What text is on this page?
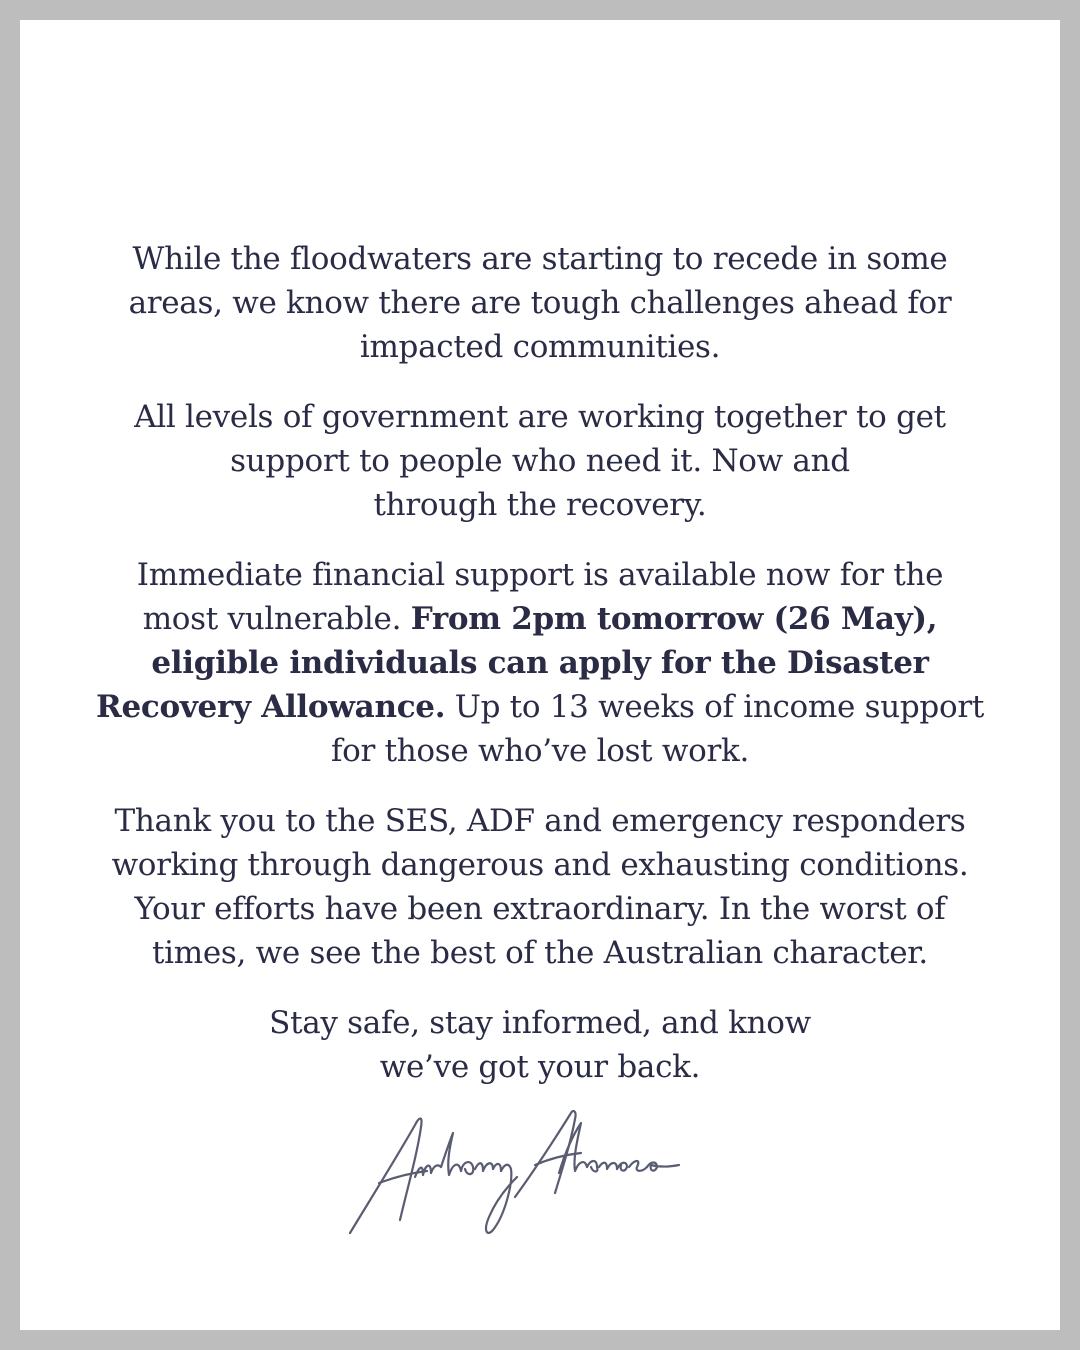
While the floodwaters are starting to recede in some
areas, we know there are tough challenges ahead for
impacted communities.

All levels of government are working together to get
support to people who need it. Now and
through the recovery.

Immediate financial support is available now for the
most vulnerable. From 2pm tomorrow (26 May),
eligible individuals can apply for the Disaster
Recovery Allowance. Up to 13 weeks of income support
for those who’ve lost work.

Thank you to the SES, ADF and emergency responders
working through dangerous and exhausting conditions.
Your efforts have been extraordinary. In the worst of
times, we see the best of the Australian character.

Stay safe, stay informed, and know
we’ve got your back.
